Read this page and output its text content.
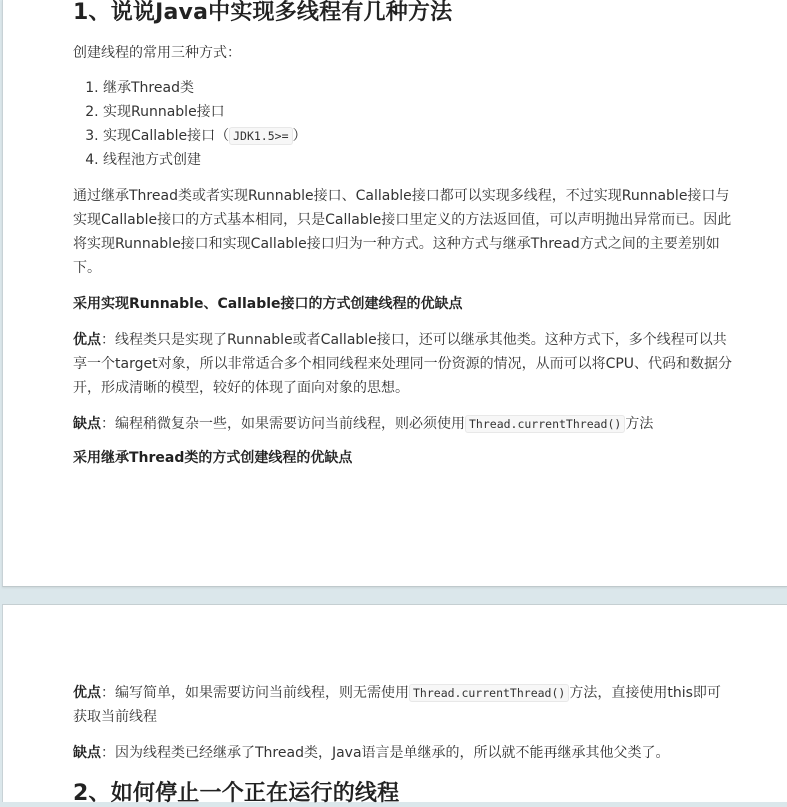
1、说说Java中实现多线程有几种方法

创建线程的常用三种方式：

1. 继承Thread类
2. 实现Runnable接口
3. 实现Callable接口（ JDK1.5>= ）
4. 线程池方式创建

通过继承Thread类或者实现Runnable接口、Callable接口都可以实现多线程，不过实现Runnable接口与实现Callable接口的方式基本相同，只是Callable接口里定义的方法返回值，可以声明抛出异常而已。因此将实现Runnable接口和实现Callable接口归为一种方式。这种方式与继承Thread方式之间的主要差别如下。

采用实现Runnable、Callable接口的方式创建线程的优缺点

优点：线程类只是实现了Runnable或者Callable接口，还可以继承其他类。这种方式下，多个线程可以共享一个target对象，所以非常适合多个相同线程来处理同一份资源的情况，从而可以将CPU、代码和数据分开，形成清晰的模型，较好的体现了面向对象的思想。

缺点：编程稍微复杂一些，如果需要访问当前线程，则必须使用 Thread.currentThread() 方法

采用继承Thread类的方式创建线程的优缺点

优点：编写简单，如果需要访问当前线程，则无需使用 Thread.currentThread() 方法，直接使用this即可获取当前线程

缺点：因为线程类已经继承了Thread类，Java语言是单继承的，所以就不能再继承其他父类了。

2、如何停止一个正在运行的线程
